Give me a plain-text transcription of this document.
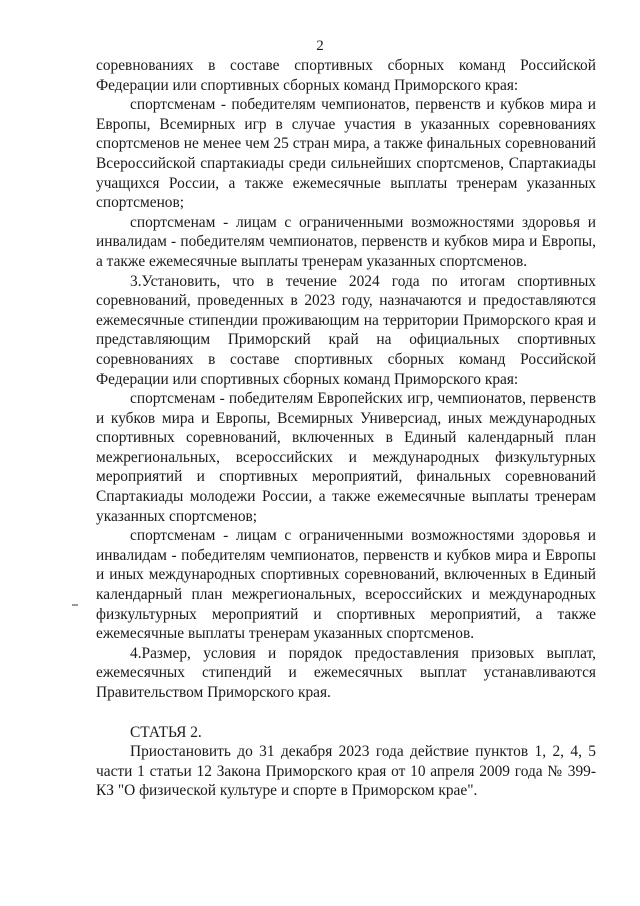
2

соревнованиях в составе спортивных сборных команд Российской Федерации или спортивных сборных команд Приморского края:

спортсменам - победителям чемпионатов, первенств и кубков мира и Европы, Всемирных игр в случае участия в указанных соревнованиях спортсменов не менее чем 25 стран мира, а также финальных соревнований Всероссийской спартакиады среди сильнейших спортсменов, Спартакиады учащихся России, а также ежемесячные выплаты тренерам указанных спортсменов;

спортсменам - лицам с ограниченными возможностями здоровья и инвалидам - победителям чемпионатов, первенств и кубков мира и Европы, а также ежемесячные выплаты тренерам указанных спортсменов.

3.Установить, что в течение 2024 года по итогам спортивных соревнований, проведенных в 2023 году, назначаются и предоставляются ежемесячные стипендии проживающим на территории Приморского края и представляющим Приморский край на официальных спортивных соревнованиях в составе спортивных сборных команд Российской Федерации или спортивных сборных команд Приморского края:

спортсменам - победителям Европейских игр, чемпионатов, первенств и кубков мира и Европы, Всемирных Универсиад, иных международных спортивных соревнований, включенных в Единый календарный план межрегиональных, всероссийских и международных физкультурных мероприятий и спортивных мероприятий, финальных соревнований Спартакиады молодежи России, а также ежемесячные выплаты тренерам указанных спортсменов;

спортсменам - лицам с ограниченными возможностями здоровья и инвалидам - победителям чемпионатов, первенств и кубков мира и Европы и иных международных спортивных соревнований, включенных в Единый календарный план межрегиональных, всероссийских и международных физкультурных мероприятий и спортивных мероприятий, а также ежемесячные выплаты тренерам указанных спортсменов.

4.Размер, условия и порядок предоставления призовых выплат, ежемесячных стипендий и ежемесячных выплат устанавливаются Правительством Приморского края.

СТАТЬЯ 2.

Приостановить до 31 декабря 2023 года действие пунктов 1, 2, 4, 5 части 1 статьи 12 Закона Приморского края от 10 апреля 2009 года № 399-КЗ "О физической культуре и спорте в Приморском крае".
